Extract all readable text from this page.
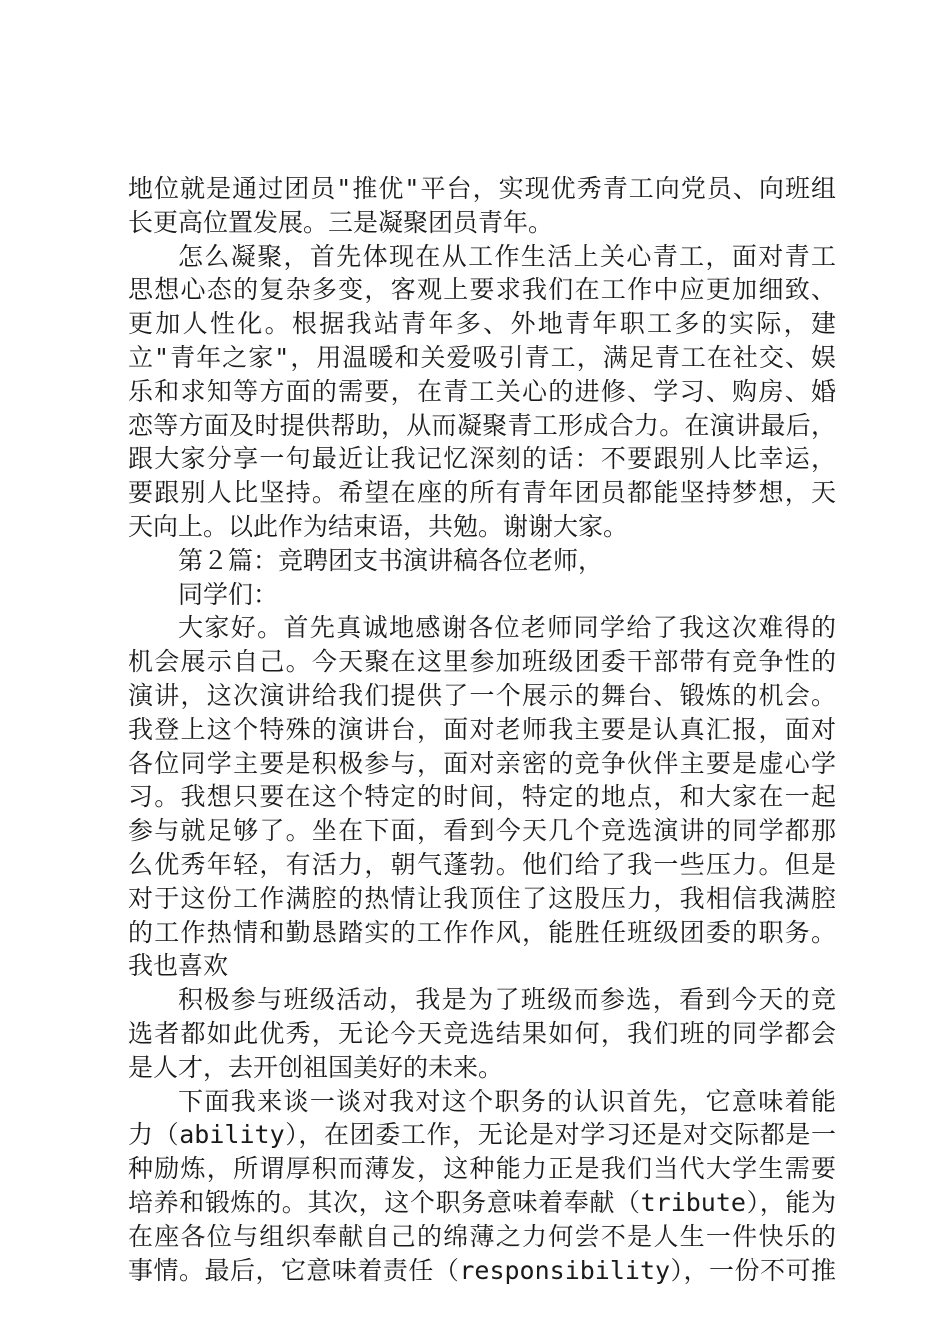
地位就是通过团员"推优"平台，实现优秀青工向党员、向班组
长更高位置发展。三是凝聚团员青年。
怎么凝聚，首先体现在从工作生活上关心青工，面对青工
思想心态的复杂多变，客观上要求我们在工作中应更加细致、
更加人性化。根据我站青年多、外地青年职工多的实际，建
立"青年之家"，用温暖和关爱吸引青工，满足青工在社交、娱
乐和求知等方面的需要，在青工关心的进修、学习、购房、婚
恋等方面及时提供帮助，从而凝聚青工形成合力。在演讲最后，
跟大家分享一句最近让我记忆深刻的话：不要跟别人比幸运，
要跟别人比坚持。希望在座的所有青年团员都能坚持梦想，天
天向上。以此作为结束语，共勉。谢谢大家。
第２篇：竞聘团支书演讲稿各位老师，
同学们：
大家好。首先真诚地感谢各位老师同学给了我这次难得的
机会展示自己。今天聚在这里参加班级团委干部带有竞争性的
演讲，这次演讲给我们提供了一个展示的舞台、锻炼的机会。
我登上这个特殊的演讲台，面对老师我主要是认真汇报，面对
各位同学主要是积极参与，面对亲密的竞争伙伴主要是虚心学
习。我想只要在这个特定的时间，特定的地点，和大家在一起
参与就足够了。坐在下面，看到今天几个竞选演讲的同学都那
么优秀年轻，有活力，朝气蓬勃。他们给了我一些压力。但是
对于这份工作满腔的热情让我顶住了这股压力，我相信我满腔
的工作热情和勤恳踏实的工作作风，能胜任班级团委的职务。
我也喜欢
积极参与班级活动，我是为了班级而参选，看到今天的竞
选者都如此优秀，无论今天竞选结果如何，我们班的同学都会
是人才，去开创祖国美好的未来。
下面我来谈一谈对我对这个职务的认识首先，它意味着能
力（ability），在团委工作，无论是对学习还是对交际都是一
种励炼，所谓厚积而薄发，这种能力正是我们当代大学生需要
培养和锻炼的。其次，这个职务意味着奉献（tribute），能为
在座各位与组织奉献自己的绵薄之力何尝不是人生一件快乐的
事情。最后，它意味着责任（responsibility），一份不可推
